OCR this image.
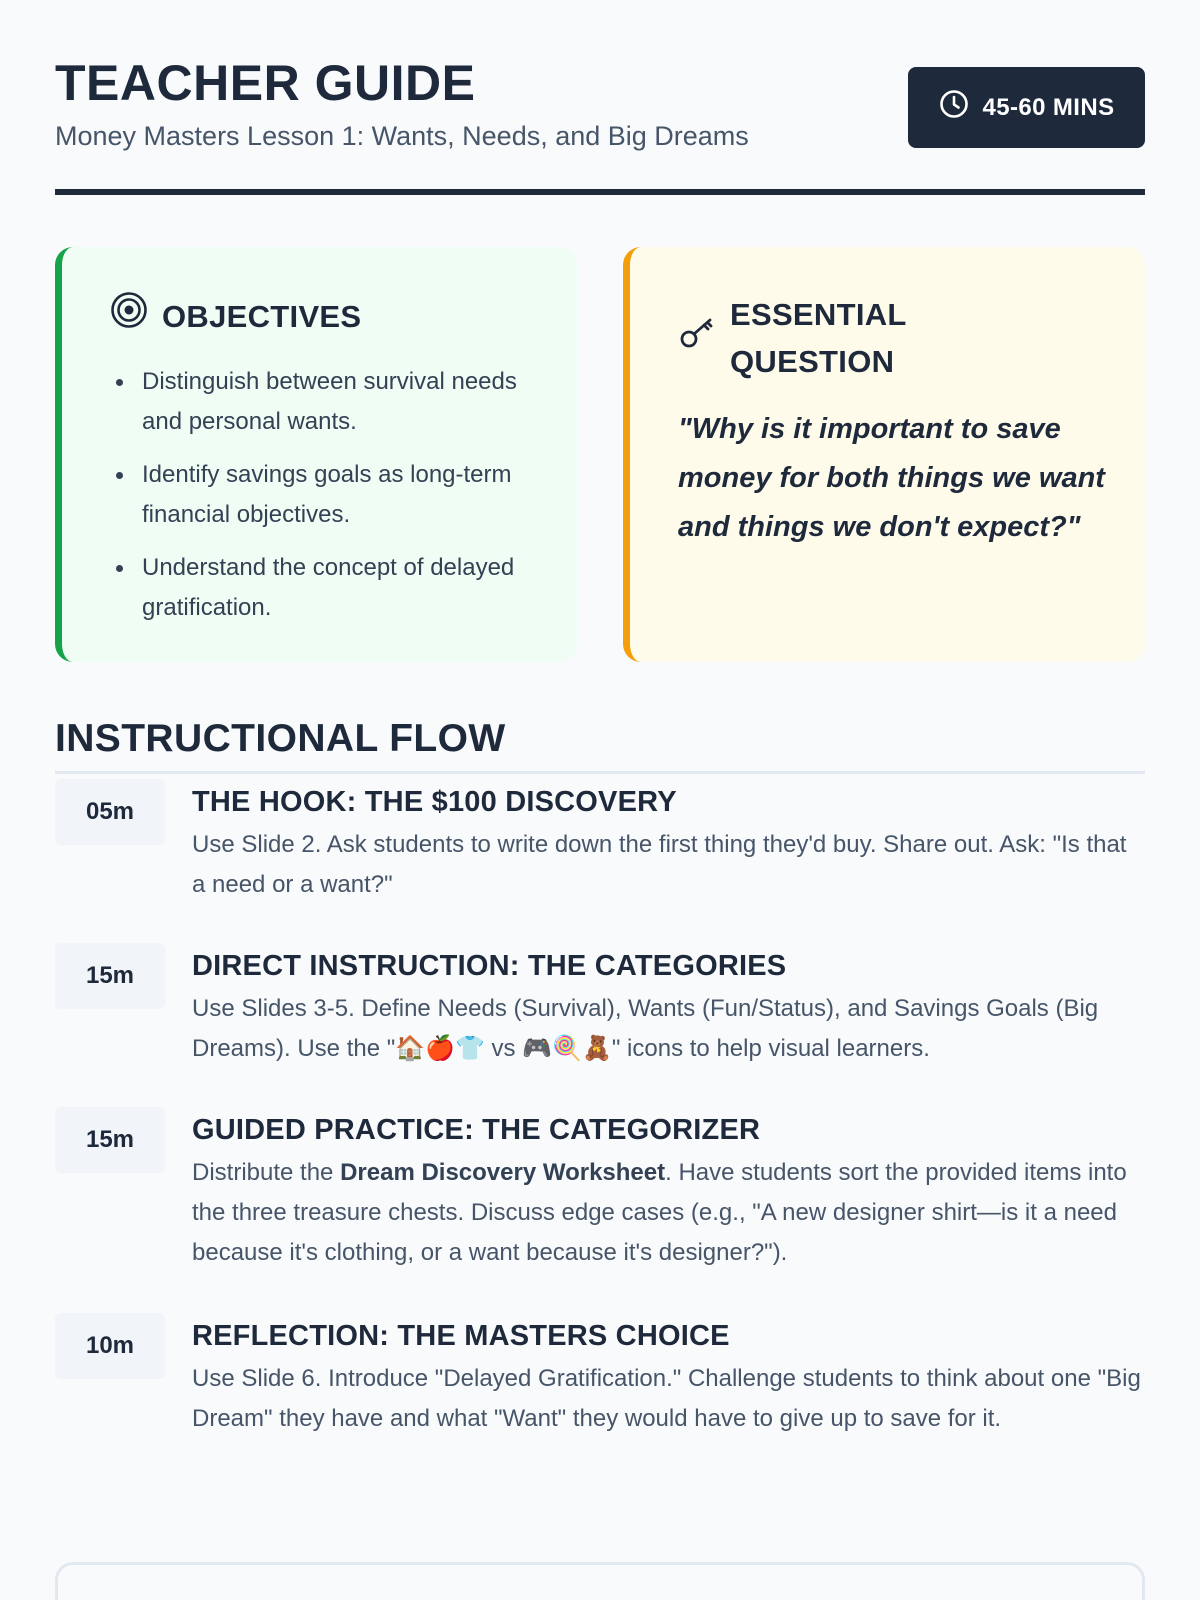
TEACHER GUIDE
Money Masters Lesson 1: Wants, Needs, and Big Dreams
45-60 MINS
OBJECTIVES
Distinguish between survival needs and personal wants.
Identify savings goals as long-term financial objectives.
Understand the concept of delayed gratification.
ESSENTIAL
QUESTION
"Why is it important to save money for both things we want and things we don't expect?"
INSTRUCTIONAL FLOW
05m	THE HOOK: THE $100 DISCOVERY
Use Slide 2. Ask students to write down the first thing they'd buy. Share out. Ask: "Is that a need or a want?"
15m	DIRECT INSTRUCTION: THE CATEGORIES
Use Slides 3-5. Define Needs (Survival), Wants (Fun/Status), and Savings Goals (Big Dreams). Use the "🏠🍎👕 vs 🎮🍭🧸" icons to help visual learners.
15m	GUIDED PRACTICE: THE CATEGORIZER
Distribute the Dream Discovery Worksheet. Have students sort the provided items into the three treasure chests. Discuss edge cases (e.g., "A new designer shirt—is it a need because it's clothing, or a want because it's designer?").
10m	REFLECTION: THE MASTERS CHOICE
Use Slide 6. Introduce "Delayed Gratification." Challenge students to think about one "Big Dream" they have and what "Want" they would have to give up to save for it.
